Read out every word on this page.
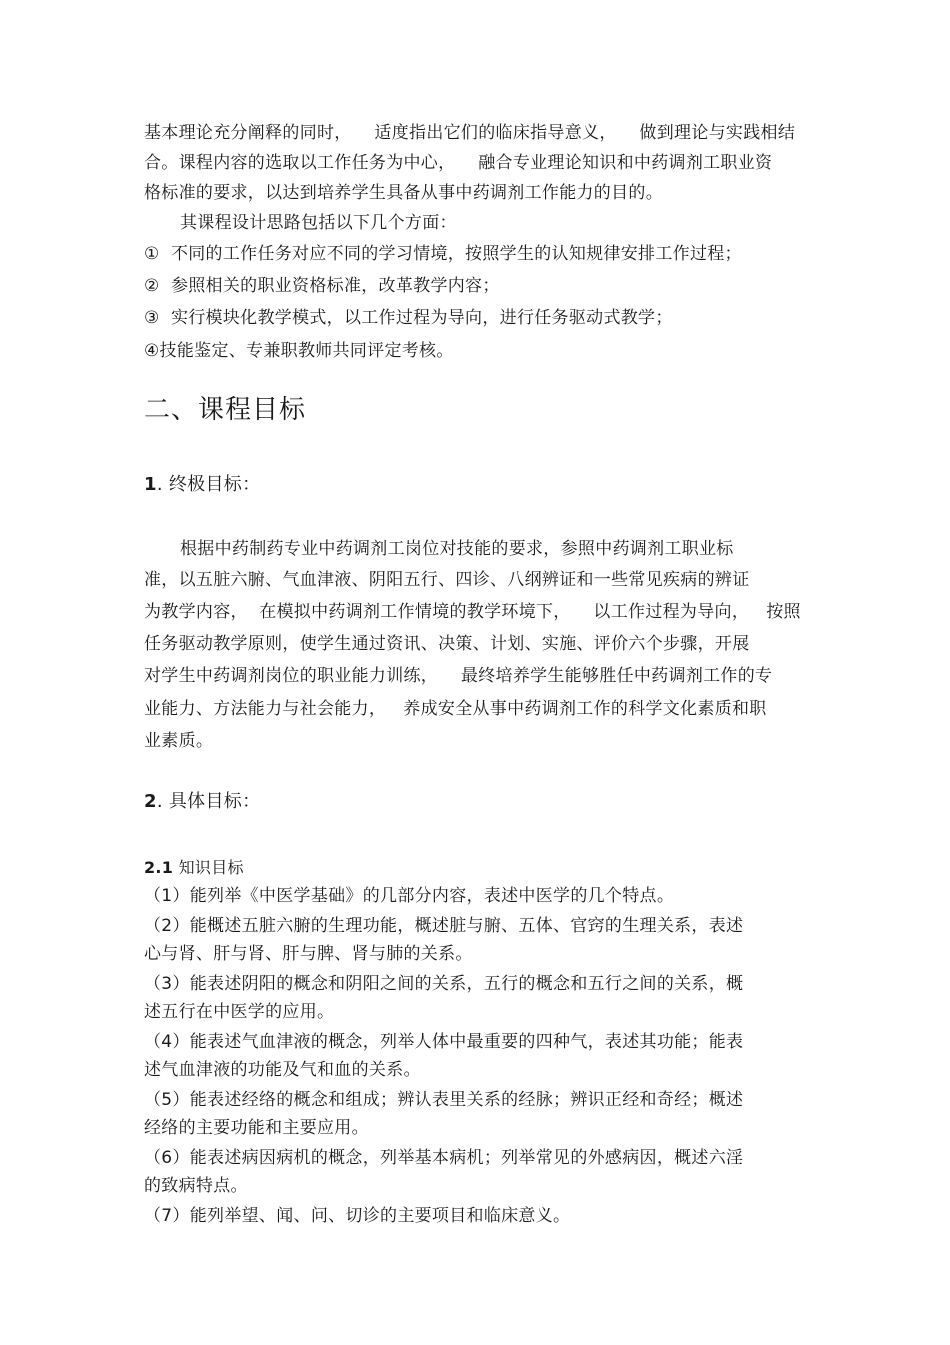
基本理论充分阐释的同时，    适度指出它们的临床指导意义，    做到理论与实践相结
合。课程内容的选取以工作任务为中心，    融合专业理论知识和中药调剂工职业资
格标准的要求，以达到培养学生具备从事中药调剂工作能力的目的。
其课程设计思路包括以下几个方面：
①  不同的工作任务对应不同的学习情境，按照学生的认知规律安排工作过程；
②  参照相关的职业资格标准，改革教学内容；
③  实行模块化教学模式，以工作过程为导向，进行任务驱动式教学；
④技能鉴定、专兼职教师共同评定考核。
二、课程目标
1. 终极目标：
根据中药制药专业中药调剂工岗位对技能的要求，参照中药调剂工职业标
准，以五脏六腑、气血津液、阴阳五行、四诊、八纲辨证和一些常见疾病的辨证
为教学内容，  在模拟中药调剂工作情境的教学环境下，    以工作过程为导向，   按照
任务驱动教学原则，使学生通过资讯、决策、计划、实施、评价六个步骤，开展
对学生中药调剂岗位的职业能力训练，    最终培养学生能够胜任中药调剂工作的专
业能力、方法能力与社会能力，   养成安全从事中药调剂工作的科学文化素质和职
业素质。
2. 具体目标：
2.1 知识目标
（1）能列举《中医学基础》的几部分内容，表述中医学的几个特点。
（2）能概述五脏六腑的生理功能，概述脏与腑、五体、官窍的生理关系，表述
心与肾、肝与肾、肝与脾、肾与肺的关系。
（3）能表述阴阳的概念和阴阳之间的关系，五行的概念和五行之间的关系，概
述五行在中医学的应用。
（4）能表述气血津液的概念，列举人体中最重要的四种气，表述其功能；能表
述气血津液的功能及气和血的关系。
（5）能表述经络的概念和组成；辨认表里关系的经脉；辨识正经和奇经；概述
经络的主要功能和主要应用。
（6）能表述病因病机的概念，列举基本病机；列举常见的外感病因，概述六淫
的致病特点。
（7）能列举望、闻、问、切诊的主要项目和临床意义。
